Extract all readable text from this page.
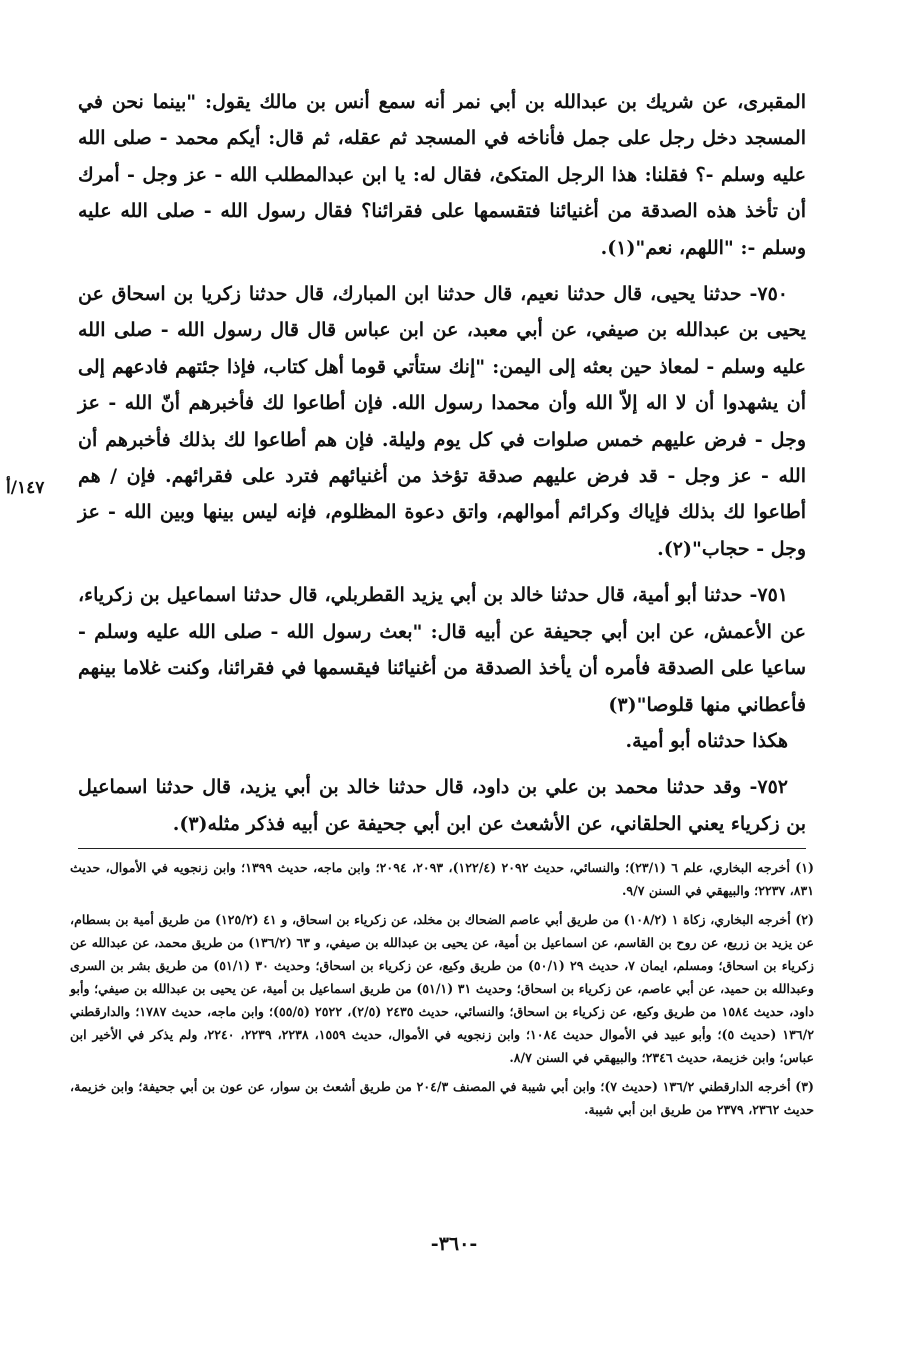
المقبرى، عن شريك بن عبدالله بن أبي نمر أنه سمع أنس بن مالك يقول: "بينما نحن في المسجد دخل رجل على جمل فأناخه في المسجد ثم عقله، ثم قال: أيكم محمد - صلى الله عليه وسلم -؟ فقلنا: هذا الرجل المتكئ، فقال له: يا ابن عبدالمطلب الله - عز وجل - أمرك أن تأخذ هذه الصدقة من أغنيائنا فتقسمها على فقرائنا؟ فقال رسول الله - صلى الله عليه وسلم -: "اللهم، نعم"(١).

٧٥٠- حدثنا يحيى، قال حدثنا نعيم، قال حدثنا ابن المبارك، قال حدثنا زكريا بن اسحاق عن يحيى بن عبدالله بن صيفي، عن أبي معبد، عن ابن عباس قال قال رسول الله - صلى الله عليه وسلم - لمعاذ حين بعثه إلى اليمن: "إنك ستأتي قوما أهل كتاب، فإذا جئتهم فادعهم إلى أن يشهدوا أن لا اله إلاّ الله وأن محمدا رسول الله. فإن أطاعوا لك فأخبرهم أنّ الله - عز وجل - فرض عليهم خمس صلوات في كل يوم وليلة. فإن هم أطاعوا لك بذلك فأخبرهم أن الله - عز وجل - قد فرض عليهم صدقة تؤخذ من أغنيائهم فترد على فقرائهم. فإن / هم أطاعوا لك بذلك فإياك وكرائم أموالهم، واتق دعوة المظلوم، فإنه ليس بينها وبين الله - عز وجل - حجاب"(٢).

٧٥١- حدثنا أبو أمية، قال حدثنا خالد بن أبي يزيد القطربلي، قال حدثنا اسماعيل بن زكرياء، عن الأعمش، عن ابن أبي جحيفة عن أبيه قال: "بعث رسول الله - صلى الله عليه وسلم - ساعيا على الصدقة فأمره أن يأخذ الصدقة من أغنيائنا فيقسمها في فقرائنا، وكنت غلاما بينهم فأعطاني منها قلوصا"(٣)

هكذا حدثناه أبو أمية.

٧٥٢- وقد حدثنا محمد بن علي بن داود، قال حدثنا خالد بن أبي يزيد، قال حدثنا اسماعيل بن زكرياء يعني الحلقاني، عن الأشعث عن ابن أبي جحيفة عن أبيه فذكر مثله(٣).

١٤٧/أ

(١) أخرجه البخاري، علم ٦ (٢٣/١)؛ والنسائي، حديث ٢٠٩٢ (١٢٢/٤)، ٢٠٩٣، ٢٠٩٤؛ وابن ماجه، حديث ١٣٩٩؛ وابن زنجويه في الأموال، حديث ٨٣١، ٢٢٣٧؛ والبيهقي في السنن ٩/٧.

(٢) أخرجه البخاري، زكاة ١ (١٠٨/٢) من طريق أبي عاصم الضحاك بن مخلد، عن زكرياء بن اسحاق، و ٤١ (١٢٥/٢) من طريق أمية بن بسطام، عن يزيد بن زريع، عن روح بن القاسم، عن اسماعيل بن أمية، عن يحيى بن عبدالله بن صيفي، و ٦٣ (١٣٦/٢) من طريق محمد، عن عبدالله عن زكرياء بن اسحاق؛ ومسلم، ايمان ٧، حديث ٢٩ (٥٠/١) من طريق وكيع، عن زكرياء بن اسحاق؛ وحديث ٣٠ (٥١/١) من طريق بشر بن السرى وعبدالله بن حميد، عن أبي عاصم، عن زكرياء بن اسحاق؛ وحديث ٣١ (٥١/١) من طريق اسماعيل بن أمية، عن يحيى بن عبدالله بن صيفي؛ وأبو داود، حديث ١٥٨٤ من طريق وكيع، عن زكرياء بن اسحاق؛ والنسائي، حديث ٢٤٣٥ (٢/٥)، ٢٥٢٢ (٥٥/٥)؛ وابن ماجه، حديث ١٧٨٧؛ والدارقطني ١٣٦/٢ (حديث ٥)؛ وأبو عبيد في الأموال حديث ١٠٨٤؛ وابن زنجويه في الأموال، حديث ١٥٥٩، ٢٢٣٨، ٢٢٣٩، ٢٢٤٠، ولم يذكر في الأخير ابن عباس؛ وابن خزيمة، حديث ٢٣٤٦؛ والبيهقي في السنن ٨/٧.

(٣) أخرجه الدارقطني ١٣٦/٢ (حديث ٧)؛ وابن أبي شيبة في المصنف ٢٠٤/٣ من طريق أشعث بن سوار، عن عون بن أبي جحيفة؛ وابن خزيمة، حديث ٢٣٦٢، ٢٣٧٩ من طريق ابن أبي شيبة.

-٣٦٠-
